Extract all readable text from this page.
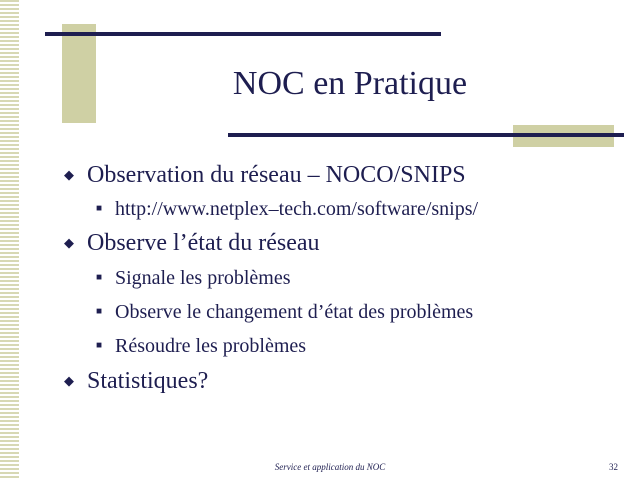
NOC en Pratique
◆ Observation du réseau – NOCO/SNIPS
■ http://www.netplex–tech.com/software/snips/
◆ Observe l’état du réseau
■ Signale les problèmes
■ Observe le changement d’état des problèmes
■ Résoudre les problèmes
◆ Statistiques?
Service et application du NOC	32
